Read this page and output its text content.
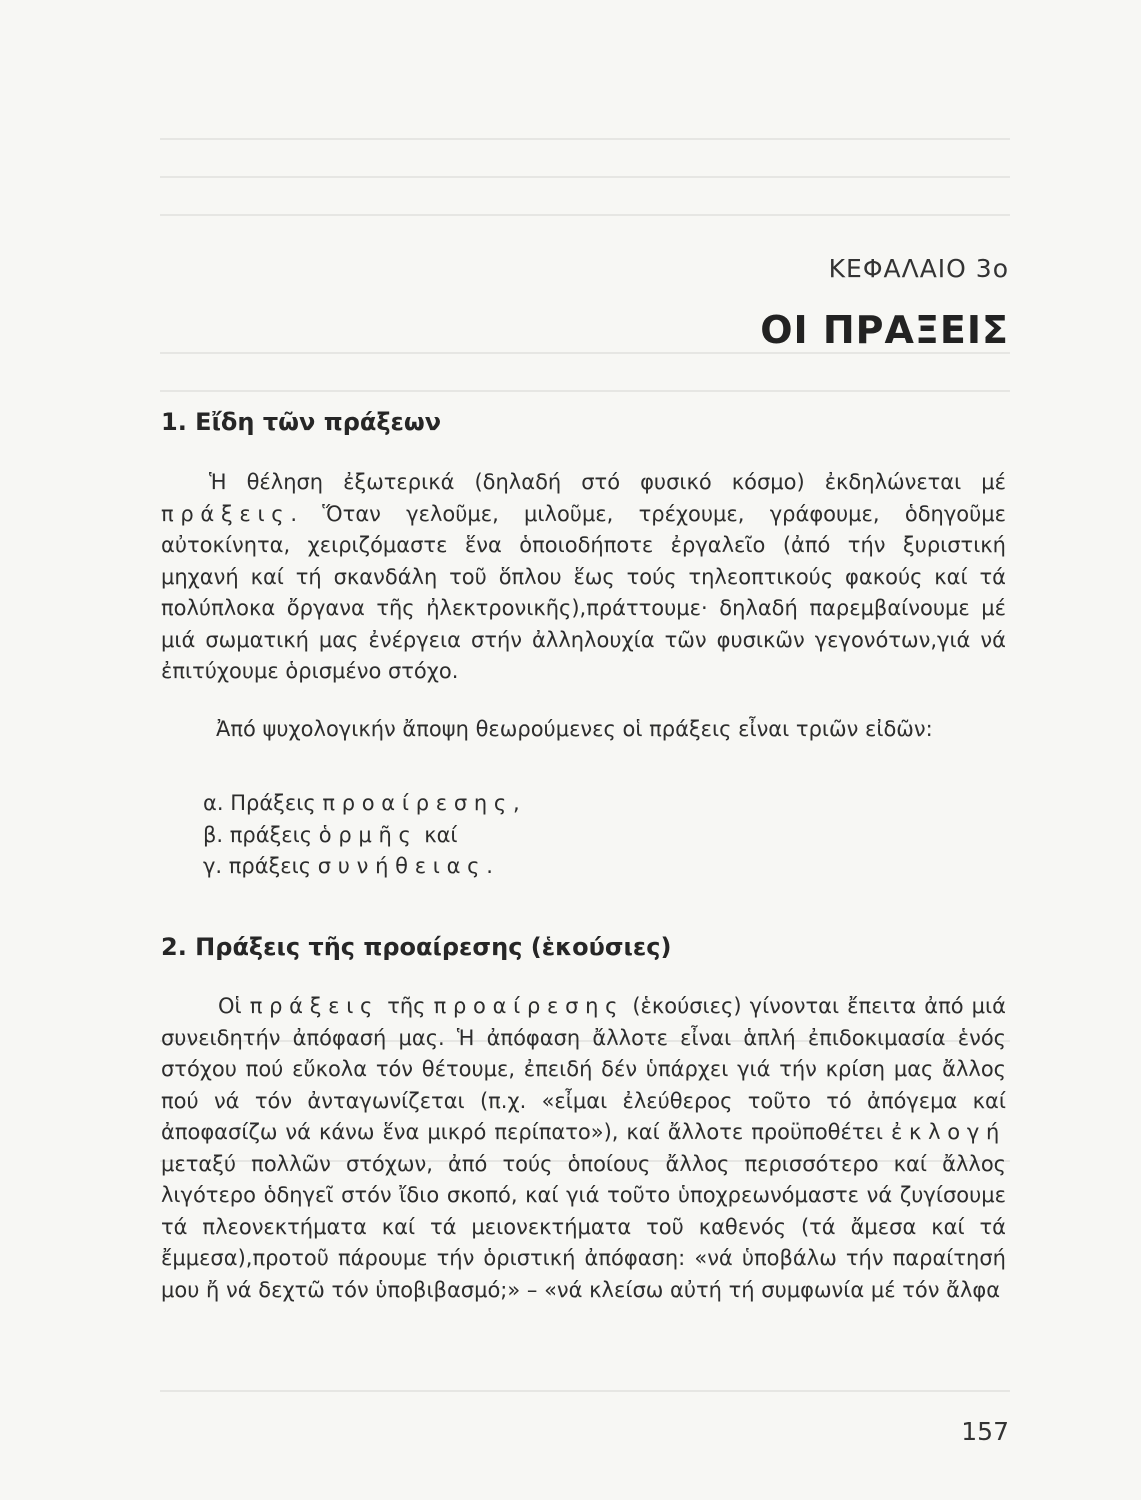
ΚΕΦΑΛΑΙΟ 3ο
ΟΙ ΠΡΑΞΕΙΣ
1. Εἴδη τῶν πράξεων

Ἡ θέληση ἐξωτερικά (δηλαδή στό φυσικό κόσμο) ἐκδηλώνεται μέ πράξεις. Ὅταν γελοῦμε, μιλοῦμε, τρέχουμε, γράφουμε, ὁδηγοῦμε αὐτοκίνητα, χειριζόμαστε ἕνα ὁποιοδήποτε ἐργαλεῖο (ἀπό τήν ξυριστική μηχανή καί τή σκανδάλη τοῦ ὅπλου ἕως τούς τηλεοπτικούς φακούς καί τά πολύπλοκα ὄργανα τῆς ἠλεκτρονικῆς),πράττουμε· δηλαδή παρεμβαίνουμε μέ μιά σωματική μας ἐνέργεια στήν ἀλληλουχία τῶν φυσικῶν γεγονότων,γιά νά ἐπιτύχουμε ὁρισμένο στόχο.

Ἀπό ψυχολογικήν ἄποψη θεωρούμενες οἱ πράξεις εἶναι τριῶν εἰδῶν:

α. Πράξεις προαίρεσης,
β. πράξεις ὁρμῆς καί
γ. πράξεις συνήθειας.
2. Πράξεις τῆς προαίρεσης (ἑκούσιες)

Οἱ πράξεις τῆς προαίρεσης (ἑκούσιες) γίνονται ἔπειτα ἀπό μιά συνειδητήν ἀπόφασή μας. Ἡ ἀπόφαση ἄλλοτε εἶναι ἁπλή ἐπιδοκιμασία ἑνός στόχου πού εὔκολα τόν θέτουμε, ἐπειδή δέν ὑπάρχει γιά τήν κρίση μας ἄλλος πού νά τόν ἀνταγωνίζεται (π.χ. «εἶμαι ἐλεύθερος τοῦτο τό ἀπόγεμα καί ἀποφασίζω νά κάνω ἕνα μικρό περίπατο»), καί ἄλλοτε προϋποθέτει ἐκλογή μεταξύ πολλῶν στόχων, ἀπό τούς ὁποίους ἄλλος περισσότερο καί ἄλλος λιγότερο ὁδηγεῖ στόν ἴδιο σκοπό, καί γιά τοῦτο ὑποχρεωνόμαστε νά ζυγίσουμε τά πλεονεκτήματα καί τά μειονεκτήματα τοῦ καθενός (τά ἄμεσα καί τά ἔμμεσα),προτοῦ πάρουμε τήν ὁριστική ἀπόφαση: «νά ὑποβάλω τήν παραίτησή μου ἤ νά δεχτῶ τόν ὑποβιβασμό;» – «νά κλείσω αὐτή τή συμφωνία μέ τόν ἄλφα

157
